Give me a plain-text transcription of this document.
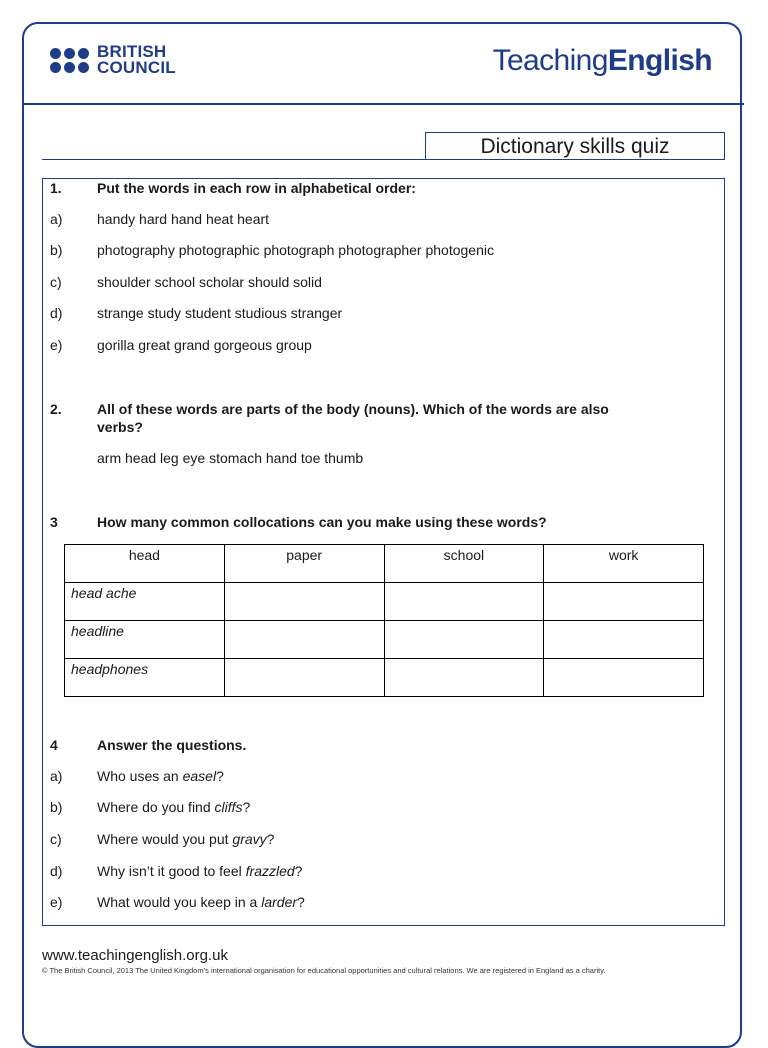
BRITISH
COUNCIL	TeachingEnglish
Dictionary skills quiz
1.	Put the words in each row in alphabetical order:
a) handy hard hand heat heart
b) photography photographic photograph photographer photogenic
c)	shoulder school scholar should solid
d) strange study student studious stranger
e) gorilla great grand gorgeous group
2.	All of these words are parts of the body (nouns). Which of the words are also
verbs?
arm head leg eye stomach hand toe thumb
3	How many common collocations can you make using these words?
head	paper	school	work
head ache			
headline			
headphones			
4	Answer the questions.
a) Who uses an easel?
b) Where do you find cliffs?
c)	Where would you put gravy?
d) Why isn’t it good to feel frazzled?
e) What would you keep in a larder?
www.teachingenglish.org.uk
© The British Council, 2013 The United Kingdom’s international organisation for educational opportunities and cultural relations. We are registered in England as a charity.
